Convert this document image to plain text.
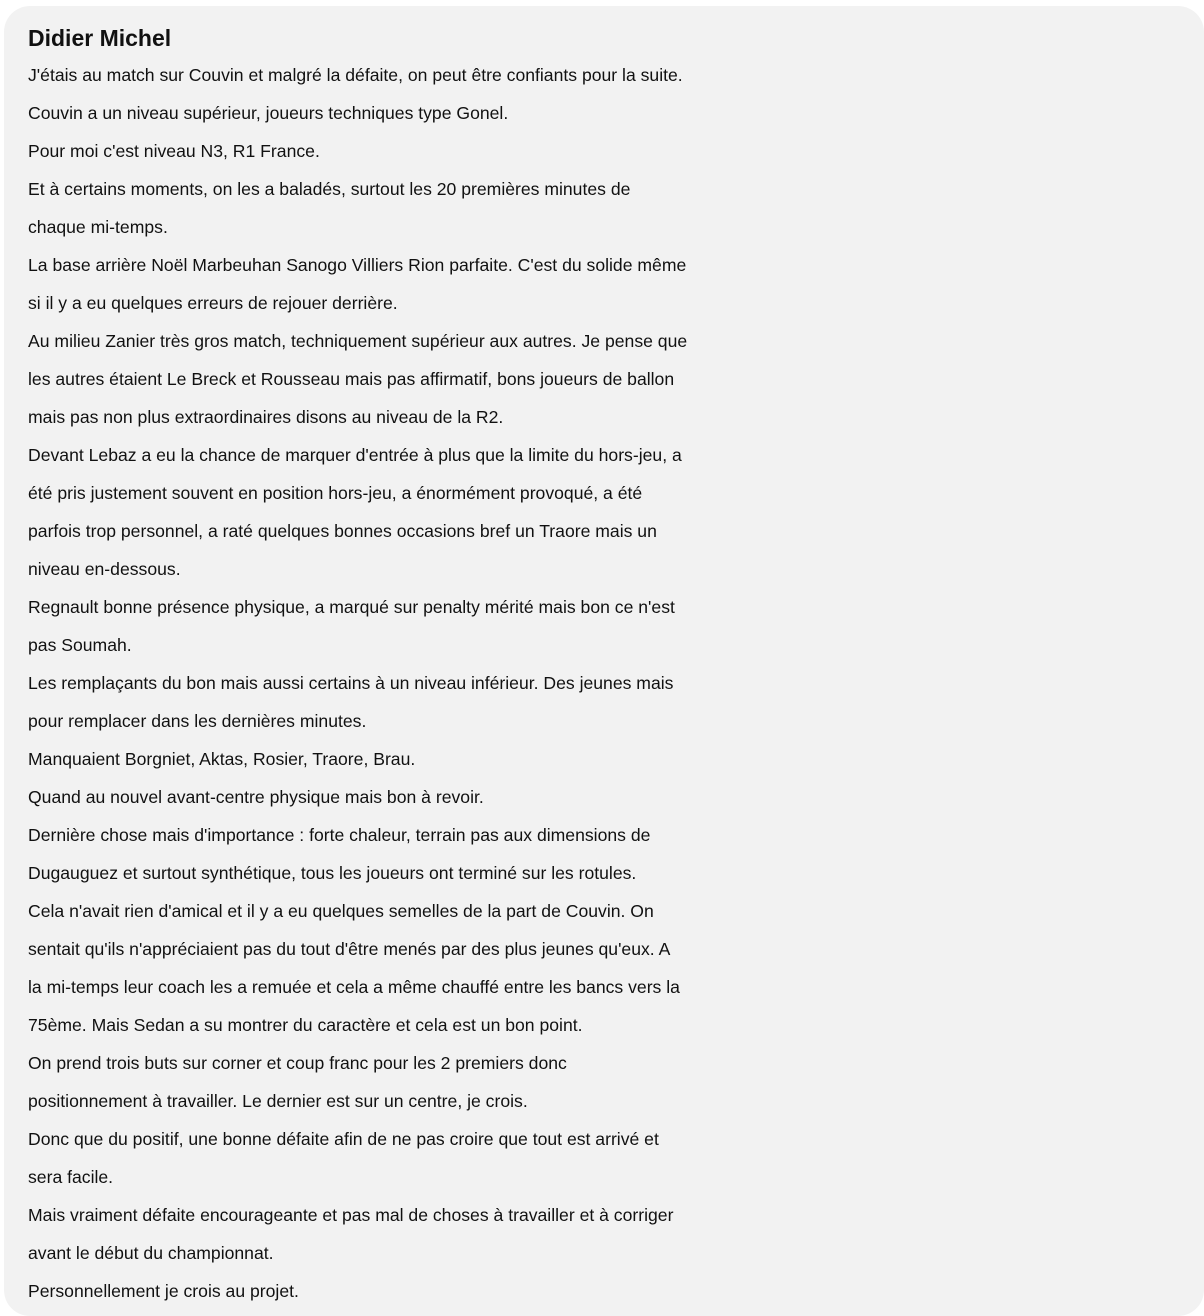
Didier Michel
J'étais au match sur Couvin et malgré la défaite, on peut être confiants pour la suite.
Couvin a un niveau supérieur, joueurs techniques type Gonel.
Pour moi c'est niveau N3, R1 France.
Et à certains moments, on les a baladés, surtout les 20 premières minutes de
chaque mi-temps.
La base arrière Noël Marbeuhan Sanogo Villiers Rion parfaite. C'est du solide même
si il y a eu quelques erreurs de rejouer derrière.
Au milieu Zanier très gros match, techniquement supérieur aux autres. Je pense que
les autres étaient Le Breck et Rousseau mais pas affirmatif, bons joueurs de ballon
mais pas non plus extraordinaires disons au niveau de la R2.
Devant Lebaz a eu la chance de marquer d'entrée à plus que la limite du hors-jeu, a
été pris justement souvent en position hors-jeu, a énormément provoqué, a été
parfois trop personnel, a raté quelques bonnes occasions bref un Traore mais un
niveau en-dessous.
Regnault bonne présence physique, a marqué sur penalty mérité mais bon ce n'est
pas Soumah.
Les remplaçants du bon mais aussi certains à un niveau inférieur. Des jeunes mais
pour remplacer dans les dernières minutes.
Manquaient Borgniet, Aktas, Rosier, Traore, Brau.
Quand au nouvel avant-centre physique mais bon à revoir.
Dernière chose mais d'importance : forte chaleur, terrain pas aux dimensions de
Dugauguez et surtout synthétique, tous les joueurs ont terminé sur les rotules.
Cela n'avait rien d'amical et il y a eu quelques semelles de la part de Couvin. On
sentait qu'ils n'appréciaient pas du tout d'être menés par des plus jeunes qu'eux. A
la mi-temps leur coach les a remuée et cela a même chauffé entre les bancs vers la
75ème. Mais Sedan a su montrer du caractère et cela est un bon point.
On prend trois buts sur corner et coup franc pour les 2 premiers donc
positionnement à travailler. Le dernier est sur un centre, je crois.
Donc que du positif, une bonne défaite afin de ne pas croire que tout est arrivé et
sera facile.
Mais vraiment défaite encourageante et pas mal de choses à travailler et à corriger
avant le début du championnat.
Personnellement je crois au projet.
